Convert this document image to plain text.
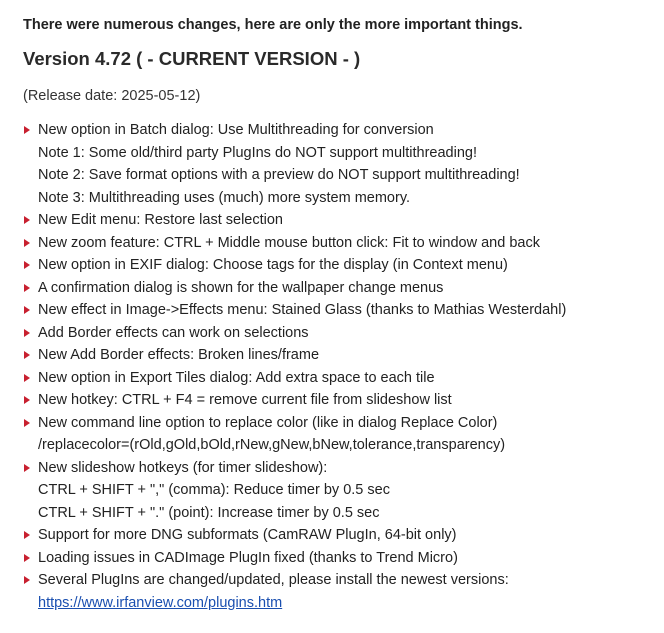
There were numerous changes, here are only the more important things.

Version 4.72 ( - CURRENT VERSION - )

(Release date: 2025-05-12)

New option in Batch dialog: Use Multithreading for conversion
Note 1: Some old/third party PlugIns do NOT support multithreading!
Note 2: Save format options with a preview do NOT support multithreading!
Note 3: Multithreading uses (much) more system memory.
New Edit menu: Restore last selection
New zoom feature: CTRL + Middle mouse button click: Fit to window and back
New option in EXIF dialog: Choose tags for the display (in Context menu)
A confirmation dialog is shown for the wallpaper change menus
New effect in Image->Effects menu: Stained Glass (thanks to Mathias Westerdahl)
Add Border effects can work on selections
New Add Border effects: Broken lines/frame
New option in Export Tiles dialog: Add extra space to each tile
New hotkey: CTRL + F4 = remove current file from slideshow list
New command line option to replace color (like in dialog Replace Color)
/replacecolor=(rOld,gOld,bOld,rNew,gNew,bNew,tolerance,transparency)
New slideshow hotkeys (for timer slideshow):
CTRL + SHIFT + "," (comma): Reduce timer by 0.5 sec
CTRL + SHIFT + "." (point): Increase timer by 0.5 sec
Support for more DNG subformats (CamRAW PlugIn, 64-bit only)
Loading issues in CADImage PlugIn fixed (thanks to Trend Micro)
Several PlugIns are changed/updated, please install the newest versions:
https://www.irfanview.com/plugins.htm
